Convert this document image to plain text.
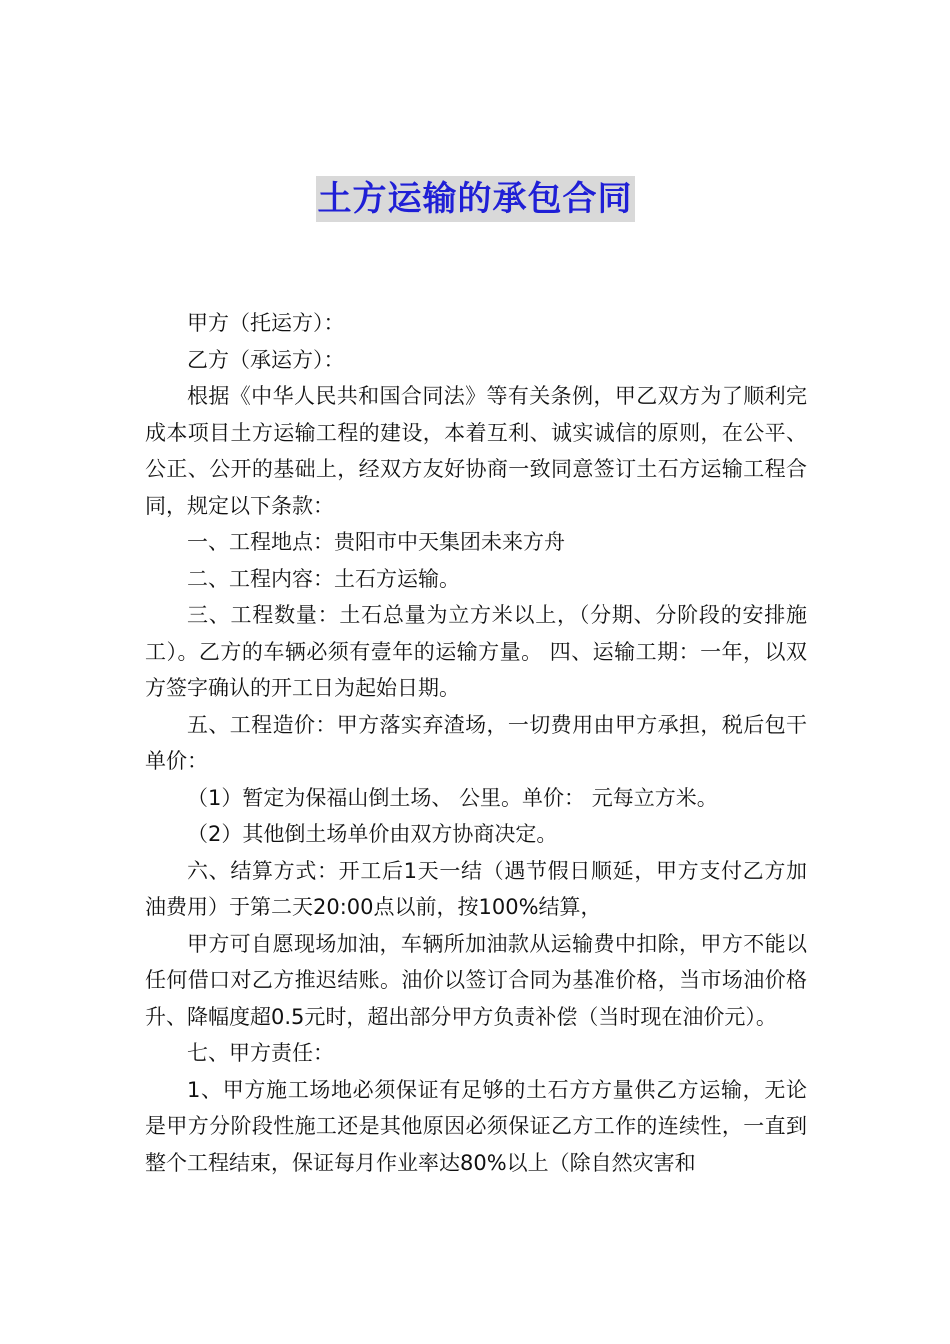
土方运输的承包合同

甲方（托运方）：

乙方（承运方）：

根据《中华人民共和国合同法》等有关条例，甲乙双方为了顺利完成本项目土方运输工程的建设，本着互利、诚实诚信的原则，在公平、公正、公开的基础上，经双方友好协商一致同意签订土石方运输工程合同，规定以下条款：

一、工程地点：贵阳市中天集团未来方舟

二、工程内容：土石方运输。

三、工程数量：土石总量为立方米以上，（分期、分阶段的安排施工）。乙方的车辆必须有壹年的运输方量。 四、运输工期：一年，以双方签字确认的开工日为起始日期。

五、工程造价：甲方落实弃渣场，一切费用由甲方承担，税后包干单价：

（1）暂定为保福山倒土场、 公里。单价： 元每立方米。

（2）其他倒土场单价由双方协商决定。

六、结算方式：开工后1天一结（遇节假日顺延，甲方支付乙方加油费用）于第二天20:00点以前，按100%结算，

甲方可自愿现场加油，车辆所加油款从运输费中扣除，甲方不能以任何借口对乙方推迟结账。油价以签订合同为基准价格，当市场油价格升、降幅度超0.5元时，超出部分甲方负责补偿（当时现在油价元）。

七、甲方责任：

1、甲方施工场地必须保证有足够的土石方方量供乙方运输，无论是甲方分阶段性施工还是其他原因必须保证乙方工作的连续性，一直到整个工程结束，保证每月作业率达80%以上（除自然灾害和
